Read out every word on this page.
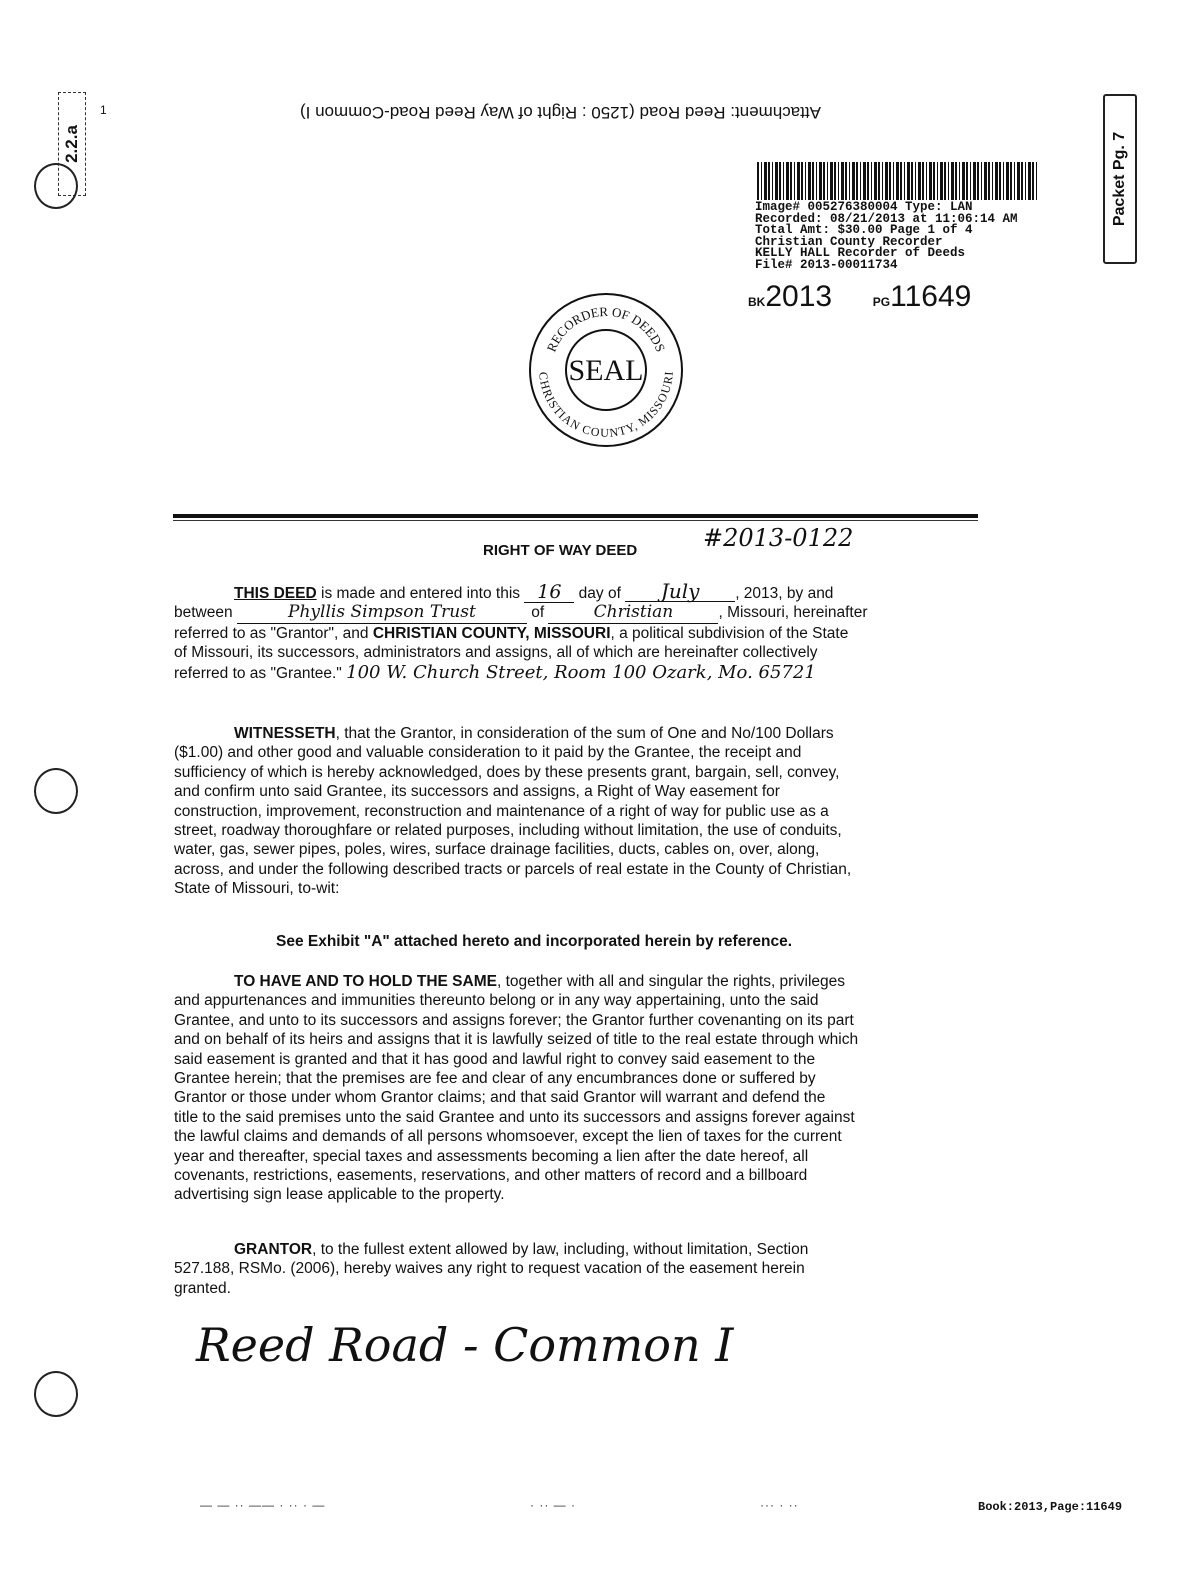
Attachment: Reed Road (1250 : Right of Way Reed Road-Common I)
2.2.a
1
Packet Pg. 7
Image# 005276380004 Type: LAN
Recorded: 08/21/2013 at 11:06:14 AM
Total Amt: $30.00 Page 1 of 4
Christian County Recorder
KELLY HALL Recorder of Deeds
File# 2013-00011734
BK2013	PG11649
RECORDER OF DEEDS
CHRISTIAN COUNTY, MISSOURI
SEAL
RIGHT OF WAY DEED	#2013-0122
THIS DEED is made and entered into this 16 day of July , 2013, by and
between	Phyllis Simpson Trust	of	Christian	, Missouri, hereinafter
referred to as "Grantor", and CHRISTIAN COUNTY, MISSOURI, a political subdivision of the State
of Missouri, its successors, administrators and assigns, all of which are hereinafter collectively
referred to as "Grantee." 100 W. Church Street, Room 100 Ozark, Mo. 65721
WITNESSETH, that the Grantor, in consideration of the sum of One and No/100 Dollars
($1.00) and other good and valuable consideration to it paid by the Grantee, the receipt and
sufficiency of which is hereby acknowledged, does by these presents grant, bargain, sell, convey,
and confirm unto said Grantee, its successors and assigns, a Right of Way easement for
construction, improvement, reconstruction and maintenance of a right of way for public use as a
street, roadway thoroughfare or related purposes, including without limitation, the use of conduits,
water, gas, sewer pipes, poles, wires, surface drainage facilities, ducts, cables on, over, along,
across, and under the following described tracts or parcels of real estate in the County of Christian,
State of Missouri, to-wit:
See Exhibit "A" attached hereto and incorporated herein by reference.
TO HAVE AND TO HOLD THE SAME, together with all and singular the rights, privileges
and appurtenances and immunities thereunto belong or in any way appertaining, unto the said
Grantee, and unto to its successors and assigns forever; the Grantor further covenanting on its part
and on behalf of its heirs and assigns that it is lawfully seized of title to the real estate through which
said easement is granted and that it has good and lawful right to convey said easement to the
Grantee herein; that the premises are fee and clear of any encumbrances done or suffered by
Grantor or those under whom Grantor claims; and that said Grantor will warrant and defend the
title to the said premises unto the said Grantee and unto its successors and assigns forever against
the lawful claims and demands of all persons whomsoever, except the lien of taxes for the current
year and thereafter, special taxes and assessments becoming a lien after the date hereof, all
covenants, restrictions, easements, reservations, and other matters of record and a billboard
advertising sign lease applicable to the property.
GRANTOR, to the fullest extent allowed by law, including, without limitation, Section
527.188, RSMo. (2006), hereby waives any right to request vacation of the easement herein
granted.
Reed Road - Common I
— — ·· —— · ·· · —	· ·· — ·	··· · ··	Book:2013,Page:11649
